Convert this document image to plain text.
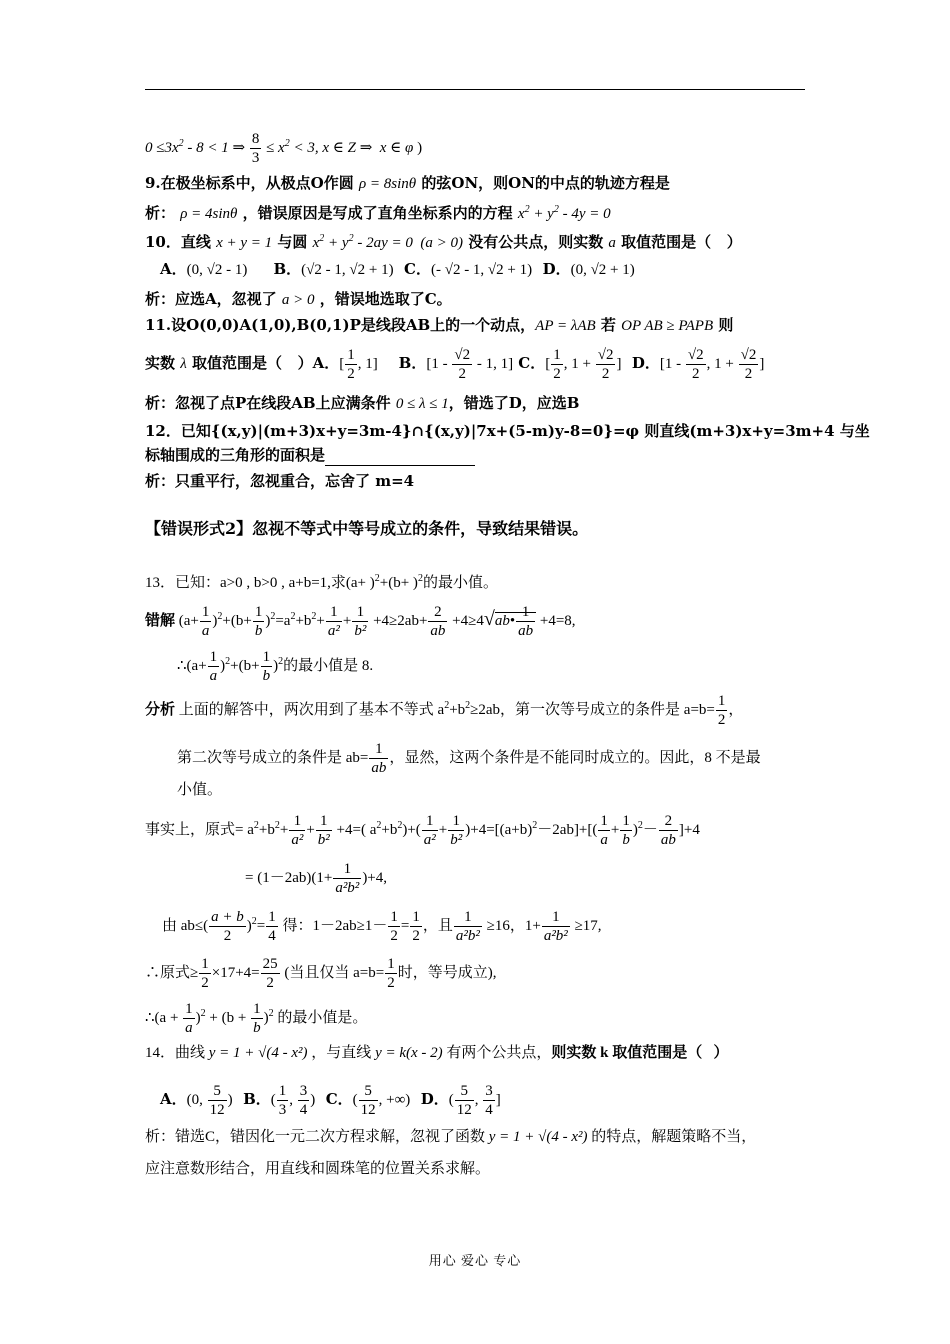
$0 \le 3x^2 - 8 < 1$ ⇒ $\frac{8}{3} \le x^2 < 3$, x ∈ Z ⇒  x ∈ φ )
9.在极坐标系中，从极点O作圆 ρ = 8sinθ 的弦ON，则ON的中点的轨迹方程是
析： ρ = 4sinθ ，错误原因是写成了直角坐标系内的方程 $x^2 + y^2 - 4y = 0$
10．直线 x + y = 1 与圆 $x^2 + y^2 - 2ay = 0$  (a > 0) 没有公共点，则实数 a 取值范围是（   ）
A．(0, √2 - 1)     B．(√2 - 1, √2 + 1)  C．(- √2 - 1, √2 + 1)  D．(0, √2 + 1)
析：应选A，忽视了 a > 0 ，错误地选取了C。
11.设O(0,0)A(1,0),B(0,1)P是线段AB上的一个动点，AP = λAB 若 OP AB ≥ PAPB 则
实数 λ 取值范围是（   ）A．[ $\frac{1}{2}$ , 1]    B．[$1 - \frac{√2}{2} - 1$, 1] C．[ $\frac{1}{2}$ , $1 + \frac{√2}{2}$ ]  D．[$1 - \frac{√2}{2}$ , $1 + \frac{√2}{2}$ ]
析：忽视了点P在线段AB上应满条件 0 ≤ λ ≤ 1，错选了D，应选B
12．已知{(x,y)|(m+3)x+y=3m-4}∩{(x,y)|7x+(5-m)y-8=0}=φ 则直线(m+3)x+y=3m+4 与坐
标轴围成的三角形的面积是
析：只重平行，忽视重合，忘舍了 m=4
【错误形式2】忽视不等式中等号成立的条件，导致结果错误。
13．已知：a>0 , b>0 , a+b=1,求$(a+ )^2+(b+ )^2$的最小值。
错解 $(a+ \frac{1}{a} )^2+(b+ \frac{1}{b} )^2=a^2+b^2+ \frac{1}{\text{a²}} + \frac{1}{\text{b²}} +4\ge 2ab+ \frac{2}{ab}$ +4≥4√ab• $\frac{1}{ab} +4=8$,
∴(a+ $\frac{1}{a} )^2+(b+ \frac{1}{b} )^2$的最小值是 8.
分析 上面的解答中，两次用到了基本不等式 $a^2+b^2\ge 2ab$，第一次等号成立的条件是 $a=b= \frac{1}{2}$ ，
第二次等号成立的条件是 $ab= \frac{1}{ab}$ ，显然，这两个条件是不能同时成立的。因此，8 不是最
小值。
事实上，原式= $a^2+b^2+ \frac{1}{\text{a²}} + \frac{1}{\text{b²}} +4=$( $a^2+b^2)+( \frac{1}{\text{a²}} + \frac{1}{\text{b²}} )+4=[(a+b)^2-2ab]+[( \frac{1}{a} + \frac{1}{b} )^2- \frac{2}{ab} ]+4$
= $(1-2ab)(1+ \frac{1}{\text{a²b²}} )+4$,
由 $ab\le( \frac{a + b}{2} )^2= \frac{1}{4}$ 得：$1-2ab\ge 1- \frac{1}{2} = \frac{1}{2}$ ，且 $\frac{1}{\text{a²b²}} \ge 16$，$1+ \frac{1}{\text{a²b²}} \ge 17$,
∴原式≥ $\frac{1}{2} \times 17+4= \frac{25}{2}$ (当且仅当 $a=b= \frac{1}{2}$ 时，等号成立),
∴(a + $\frac{1}{a} )^2 + (b + \frac{1}{b} )^2$ 的最小值是。
14．曲线 y = 1 + √(4 - x²) ，与直线 y = k(x - 2) 有两个公共点，则实数 k 取值范围是（   ）
A．(0, $\frac{5}{12}$ )  B．( $\frac{1}{3}$ , $\frac{3}{4}$ )  C．( $\frac{5}{12}$ , +∞)  D．( $\frac{5}{12}$ , $\frac{3}{4}$ ]
析：错选C，错因化一元二次方程求解，忽视了函数 y = 1 + √(4 - x²) 的特点，解题策略不当，
应注意数形结合，用直线和圆珠笔的位置关系求解。
用心 爱心 专心
